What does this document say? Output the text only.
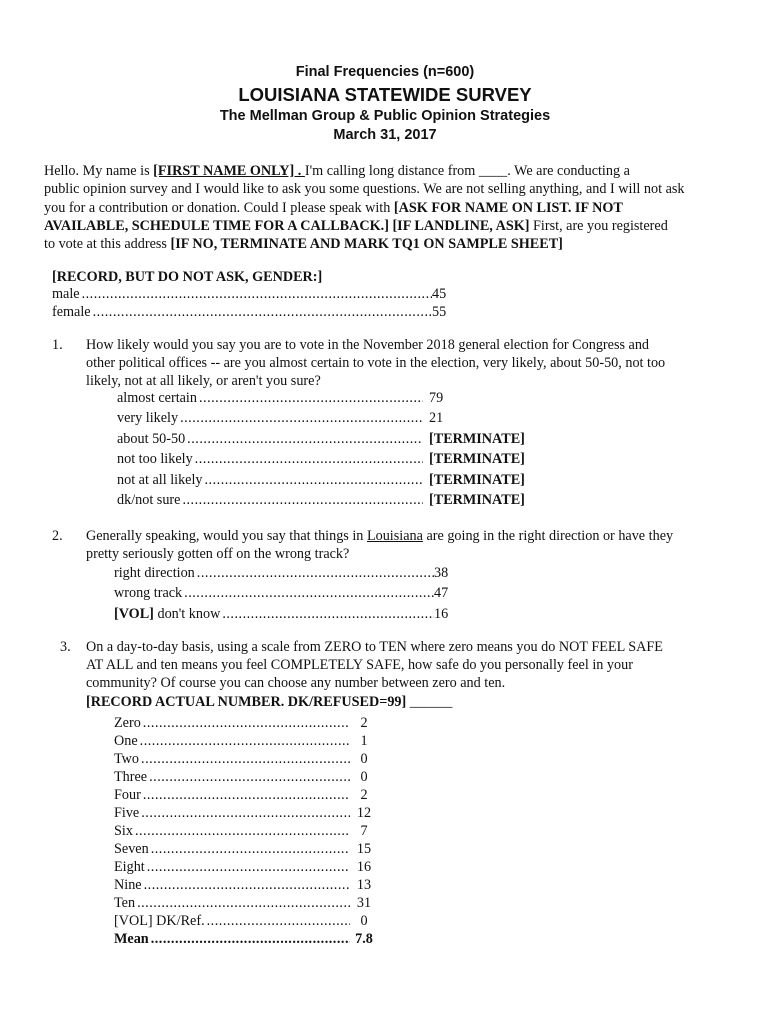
Final Frequencies (n=600)
LOUISIANA STATEWIDE SURVEY
The Mellman Group & Public Opinion Strategies
March 31, 2017
Hello. My name is [FIRST NAME ONLY] . I'm calling long distance from ____. We are conducting a
public opinion survey and I would like to ask you some questions. We are not selling anything, and I will not ask
you for a contribution or donation. Could I please speak with [ASK FOR NAME ON LIST. IF NOT
AVAILABLE, SCHEDULE TIME FOR A CALLBACK.] [IF LANDLINE, ASK] First, are you registered
to vote at this address [IF NO, TERMINATE AND MARK TQ1 ON SAMPLE SHEET]
[RECORD, BUT DO NOT ASK, GENDER:]
male .....	45
female .....	55
1. How likely would you say you are to vote in the November 2018 general election for Congress and
other political offices -- are you almost certain to vote in the election, very likely, about 50-50, not too
likely, not at all likely, or aren't you sure?
almost certain .....	79
very likely .....	21
about 50-50 .....	[TERMINATE]
not too likely .....	[TERMINATE]
not at all likely .....	[TERMINATE]
dk/not sure .....	[TERMINATE]
2. Generally speaking, would you say that things in Louisiana are going in the right direction or have they
pretty seriously gotten off on the wrong track?
right direction .....	38
wrong track .....	47
[VOL] don't know .....	16
3. On a day-to-day basis, using a scale from ZERO to TEN where zero means you do NOT FEEL SAFE
AT ALL and ten means you feel COMPLETELY SAFE, how safe do you personally feel in your
community? Of course you can choose any number between zero and ten.
[RECORD ACTUAL NUMBER. DK/REFUSED=99] ______
Zero .....	2
One .....	1
Two .....	0
Three .....	0
Four .....	2
Five .....	12
Six .....	7
Seven .....	15
Eight .....	16
Nine .....	13
Ten .....	31
[VOL] DK/Ref. .....	0
Mean .....	7.8
